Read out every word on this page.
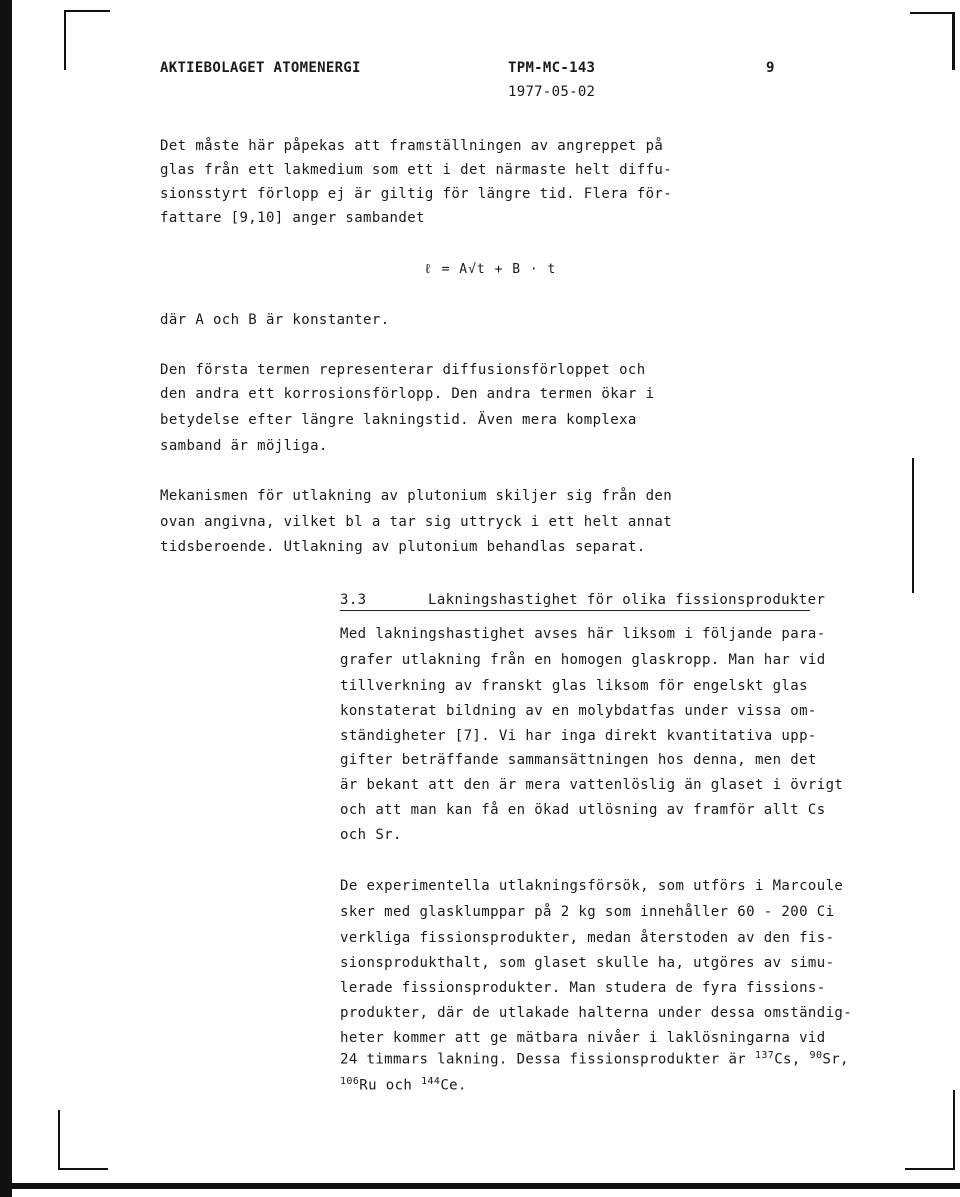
AKTIEBOLAGET ATOMENERGI	TPM-MC-143	9
1977-05-02
Det måste här påpekas att framställningen av angreppet på
glas från ett lakmedium som ett i det närmaste helt diffu-
sionsstyrt förlopp ej är giltig för längre tid. Flera för-
fattare [9,10] anger sambandet
ℓ = A√t + B · t
där A och B är konstanter.
Den första termen representerar diffusionsförloppet och
den andra ett korrosionsförlopp. Den andra termen ökar i
betydelse efter längre lakningstid. Även mera komplexa
samband är möjliga.
Mekanismen för utlakning av plutonium skiljer sig från den
ovan angivna, vilket bl a tar sig uttryck i ett helt annat
tidsberoende. Utlakning av plutonium behandlas separat.
3.3	Lakningshastighet för olika fissionsprodukter
Med lakningshastighet avses här liksom i följande para-
grafer utlakning från en homogen glaskropp. Man har vid
tillverkning av franskt glas liksom för engelskt glas
konstaterat bildning av en molybdatfas under vissa om-
ständigheter [7]. Vi har inga direkt kvantitativa upp-
gifter beträffande sammansättningen hos denna, men det
är bekant att den är mera vattenlöslig än glaset i övrigt
och att man kan få en ökad utlösning av framför allt Cs
och Sr.
De experimentella utlakningsförsök, som utförs i Marcoule
sker med glasklumppar på 2 kg som innehåller 60 - 200 Ci
verkliga fissionsprodukter, medan återstoden av den fis-
sionsprodukthalt, som glaset skulle ha, utgöres av simu-
lerade fissionsprodukter. Man studera de fyra fissions-
produkter, där de utlakade halterna under dessa omständig-
heter kommer att ge mätbara nivåer i laklösningarna vid
24 timmars lakning. Dessa fissionsprodukter är $^{137}$Cs, $^{90}$Sr,
$^{106}$Ru och $^{144}$Ce.
